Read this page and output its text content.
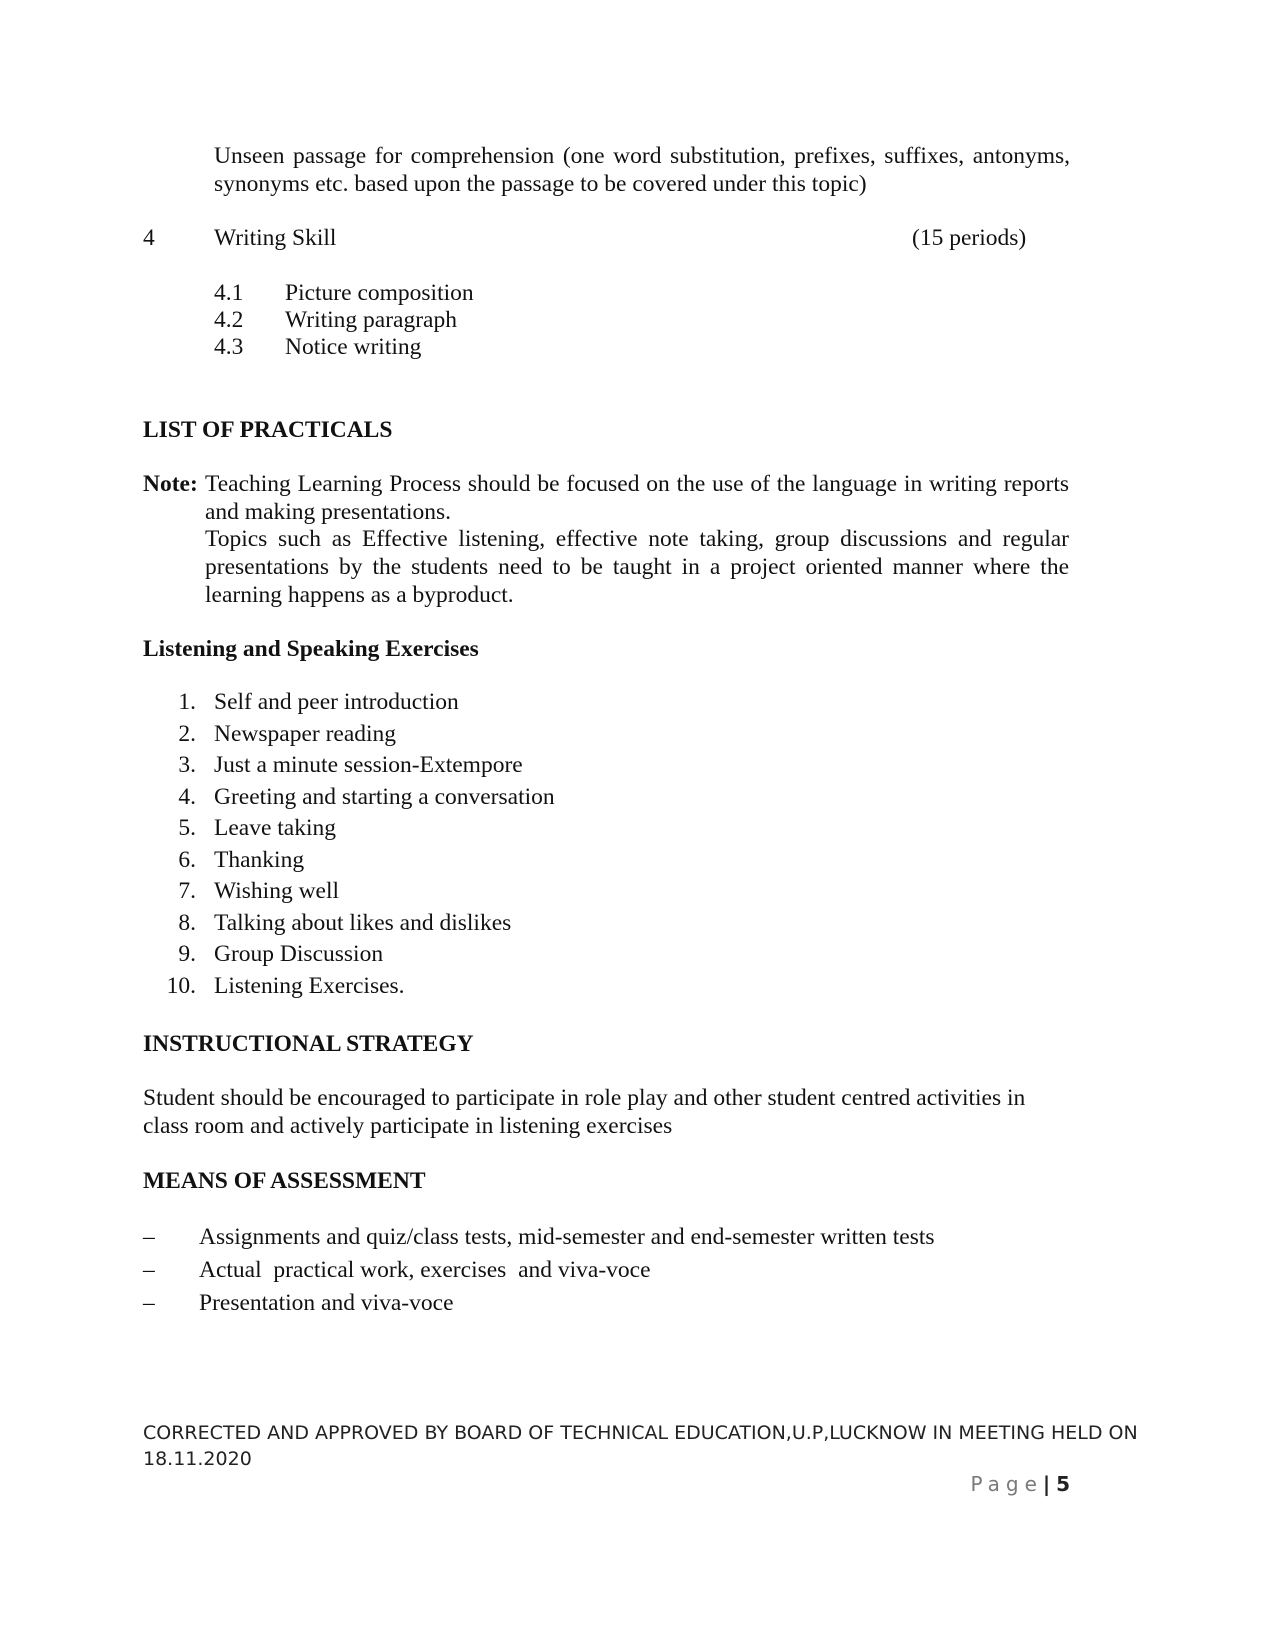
Unseen passage for comprehension (one word substitution, prefixes, suffixes, antonyms, synonyms etc. based upon the passage to be covered under this topic)
4	Writing Skill	(15 periods)
4.1 Picture composition
4.2 Writing paragraph
4.3 Notice writing
LIST OF PRACTICALS
Note: Teaching Learning Process should be focused on the use of the language in writing reports and making presentations.
Topics such as Effective listening, effective note taking, group discussions and regular presentations by the students need to be taught in a project oriented manner where the learning happens as a byproduct.
Listening and Speaking Exercises
1. Self and peer introduction
2. Newspaper reading
3. Just a minute session-Extempore
4. Greeting and starting a conversation
5. Leave taking
6. Thanking
7. Wishing well
8. Talking about likes and dislikes
9. Group Discussion
10. Listening Exercises.
INSTRUCTIONAL STRATEGY
Student should be encouraged to participate in role play and other student centred activities in
class room and actively participate in listening exercises
MEANS OF ASSESSMENT
– Assignments and quiz/class tests, mid-semester and end-semester written tests
– Actual  practical work, exercises  and viva-voce
– Presentation and viva-voce
CORRECTED AND APPROVED BY BOARD OF TECHNICAL EDUCATION,U.P,LUCKNOW IN MEETING HELD ON
18.11.2020
Page| 5
